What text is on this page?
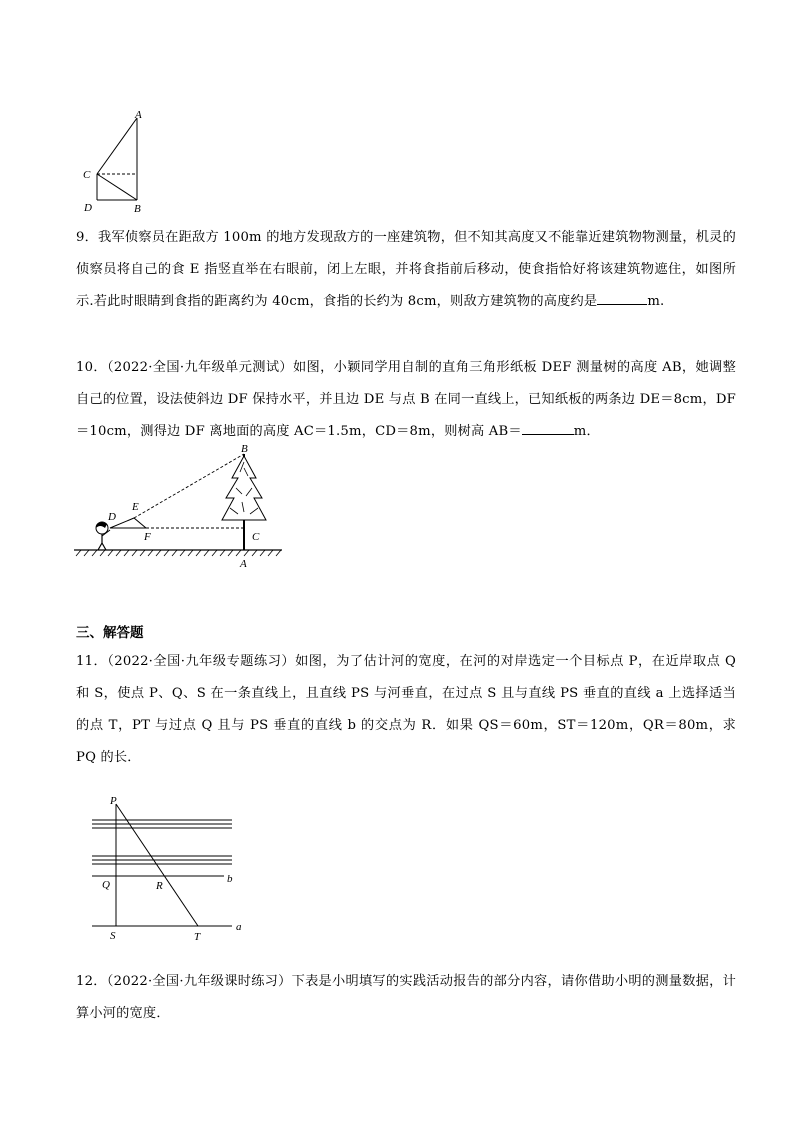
A
C
D	B

9．我军侦察员在距敌方 100m 的地方发现敌方的一座建筑物，但不知其高度又不能靠近建筑物物测量，机灵的侦察员将自己的食 E 指竖直举在右眼前，闭上左眼，并将食指前后移动，使食指恰好将该建筑物遮住，如图所示.若此时眼睛到食指的距离约为 40cm，食指的长约为 8cm，则敌方建筑物的高度约是	m.

10．（2022·全国·九年级单元测试）如图，小颖同学用自制的直角三角形纸板 DEF 测量树的高度 AB，她调整自己的位置，设法使斜边 DF 保持水平，并且边 DE 与点 B 在同一直线上，已知纸板的两条边 DE＝8cm，DF＝10cm，测得边 DF 离地面的高度 AC＝1.5m，CD＝8m，则树高 AB＝	m．

B
E
D
F	C
A
三、解答题

11．（2022·全国·九年级专题练习）如图，为了估计河的宽度，在河的对岸选定一个目标点 P，在近岸取点 Q 和 S，使点 P、Q、S 在一条直线上，且直线 PS 与河垂直，在过点 S 且与直线 PS 垂直的直线 a 上选择适当的点 T，PT 与过点 Q 且与 PS 垂直的直线 b 的交点为 R．如果 QS＝60m，ST＝120m，QR＝80m，求 PQ 的长．

P
Q	R
b
S	T
a

12．（2022·全国·九年级课时练习）下表是小明填写的实践活动报告的部分内容，请你借助小明的测量数据，计算小河的宽度．
